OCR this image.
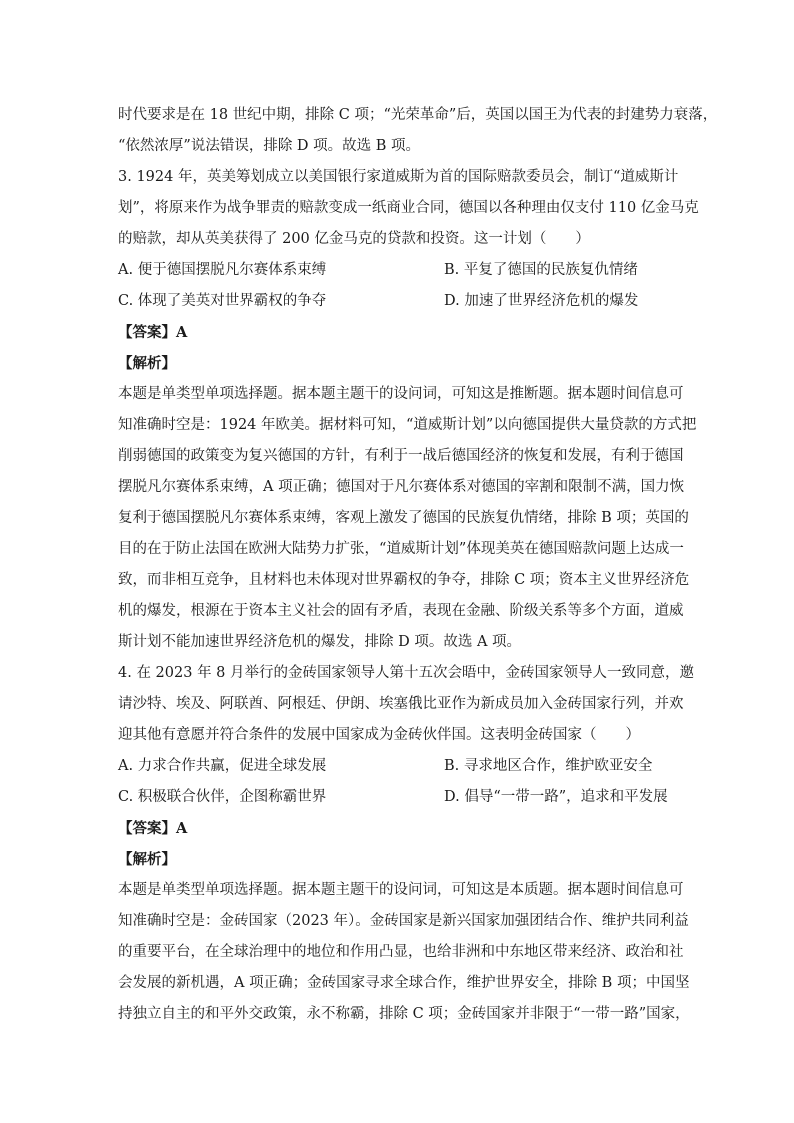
时代要求是在 18 世纪中期，排除 C 项；“光荣革命”后，英国以国王为代表的封建势力衰落，
“依然浓厚”说法错误，排除 D 项。故选 B 项。
3. 1924 年，英美筹划成立以美国银行家道威斯为首的国际赔款委员会，制订“道威斯计
划”，将原来作为战争罪责的赔款变成一纸商业合同，德国以各种理由仅支付 110 亿金马克
的赔款，却从英美获得了 200 亿金马克的贷款和投资。这一计划（　　）
A. 便于德国摆脱凡尔赛体系束缚	B. 平复了德国的民族复仇情绪
C. 体现了美英对世界霸权的争夺	D. 加速了世界经济危机的爆发
【答案】A
【解析】
本题是单类型单项选择题。据本题主题干的设问词，可知这是推断题。据本题时间信息可
知准确时空是：1924 年欧美。据材料可知，“道威斯计划”以向德国提供大量贷款的方式把
削弱德国的政策变为复兴德国的方针，有利于一战后德国经济的恢复和发展，有利于德国
摆脱凡尔赛体系束缚，A 项正确；德国对于凡尔赛体系对德国的宰割和限制不满，国力恢
复利于德国摆脱凡尔赛体系束缚，客观上激发了德国的民族复仇情绪，排除 B 项；英国的
目的在于防止法国在欧洲大陆势力扩张，“道威斯计划”体现美英在德国赔款问题上达成一
致，而非相互竞争，且材料也未体现对世界霸权的争夺，排除 C 项；资本主义世界经济危
机的爆发，根源在于资本主义社会的固有矛盾，表现在金融、阶级关系等多个方面，道威
斯计划不能加速世界经济危机的爆发，排除 D 项。故选 A 项。
4. 在 2023 年 8 月举行的金砖国家领导人第十五次会晤中，金砖国家领导人一致同意，邀
请沙特、埃及、阿联酋、阿根廷、伊朗、埃塞俄比亚作为新成员加入金砖国家行列，并欢
迎其他有意愿并符合条件的发展中国家成为金砖伙伴国。这表明金砖国家（　　）
A. 力求合作共赢，促进全球发展	B. 寻求地区合作，维护欧亚安全
C. 积极联合伙伴，企图称霸世界	D. 倡导“一带一路”，追求和平发展
【答案】A
【解析】
本题是单类型单项选择题。据本题主题干的设问词，可知这是本质题。据本题时间信息可
知准确时空是：金砖国家（2023 年）。金砖国家是新兴国家加强团结合作、维护共同利益
的重要平台，在全球治理中的地位和作用凸显，也给非洲和中东地区带来经济、政治和社
会发展的新机遇，A 项正确；金砖国家寻求全球合作，维护世界安全，排除 B 项；中国坚
持独立自主的和平外交政策，永不称霸，排除 C 项；金砖国家并非限于“一带一路”国家，
